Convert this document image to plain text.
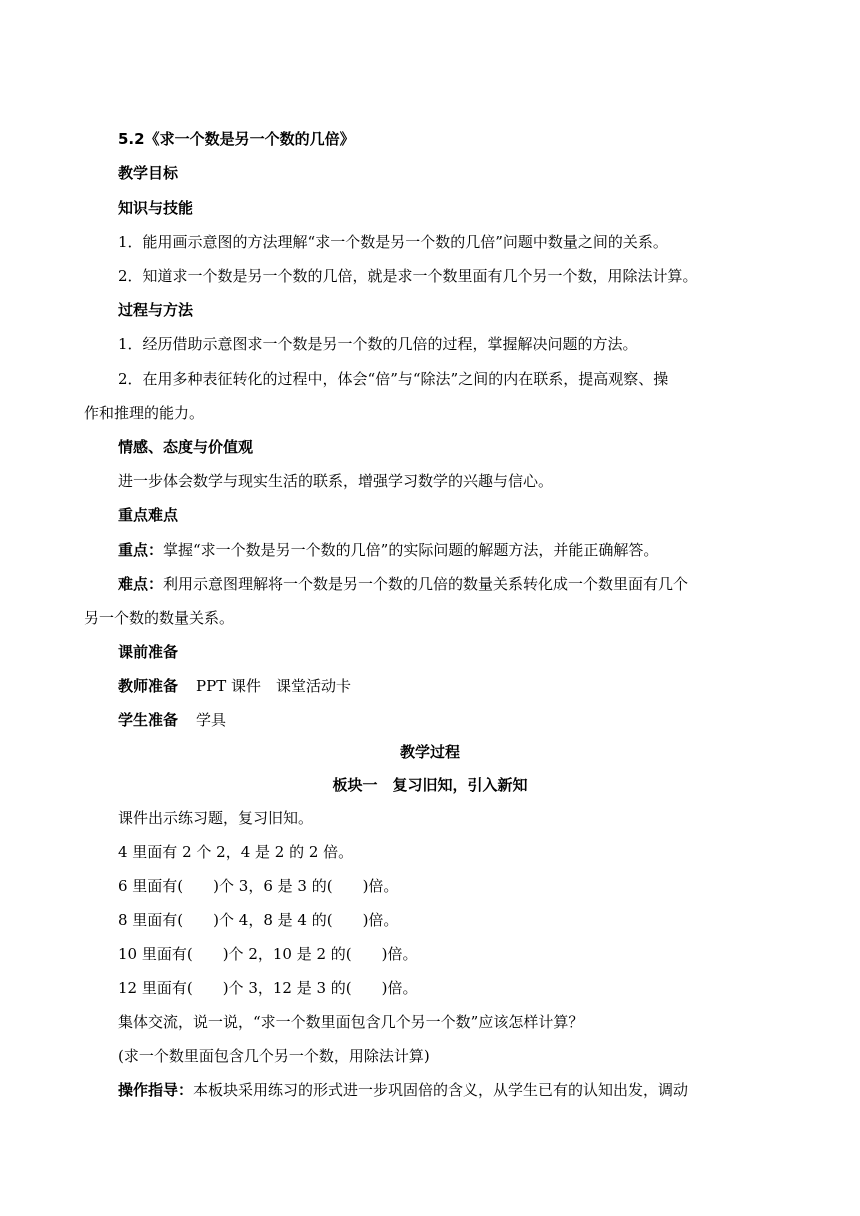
5.2《求一个数是另一个数的几倍》
教学目标
知识与技能
1．能用画示意图的方法理解“求一个数是另一个数的几倍”问题中数量之间的关系。
2．知道求一个数是另一个数的几倍，就是求一个数里面有几个另一个数，用除法计算。
过程与方法
1．经历借助示意图求一个数是另一个数的几倍的过程，掌握解决问题的方法。
2．在用多种表征转化的过程中，体会“倍”与“除法”之间的内在联系，提高观察、操
作和推理的能力。
情感、态度与价值观
进一步体会数学与现实生活的联系，增强学习数学的兴趣与信心。
重点难点
重点：掌握“求一个数是另一个数的几倍”的实际问题的解题方法，并能正确解答。
难点：利用示意图理解将一个数是另一个数的几倍的数量关系转化成一个数里面有几个
另一个数的数量关系。
课前准备
教师准备 PPT 课件　课堂活动卡
学生准备 学具
教学过程
板块一　复习旧知，引入新知
课件出示练习题，复习旧知。
4 里面有 2 个 2，4 是 2 的 2 倍。
6 里面有(　　)个 3，6 是 3 的(　　)倍。
8 里面有(　　)个 4，8 是 4 的(　　)倍。
10 里面有(　　)个 2，10 是 2 的(　　)倍。
12 里面有(　　)个 3，12 是 3 的(　　)倍。
集体交流，说一说，“求一个数里面包含几个另一个数”应该怎样计算？
(求一个数里面包含几个另一个数，用除法计算)
操作指导：本板块采用练习的形式进一步巩固倍的含义，从学生已有的认知出发，调动
